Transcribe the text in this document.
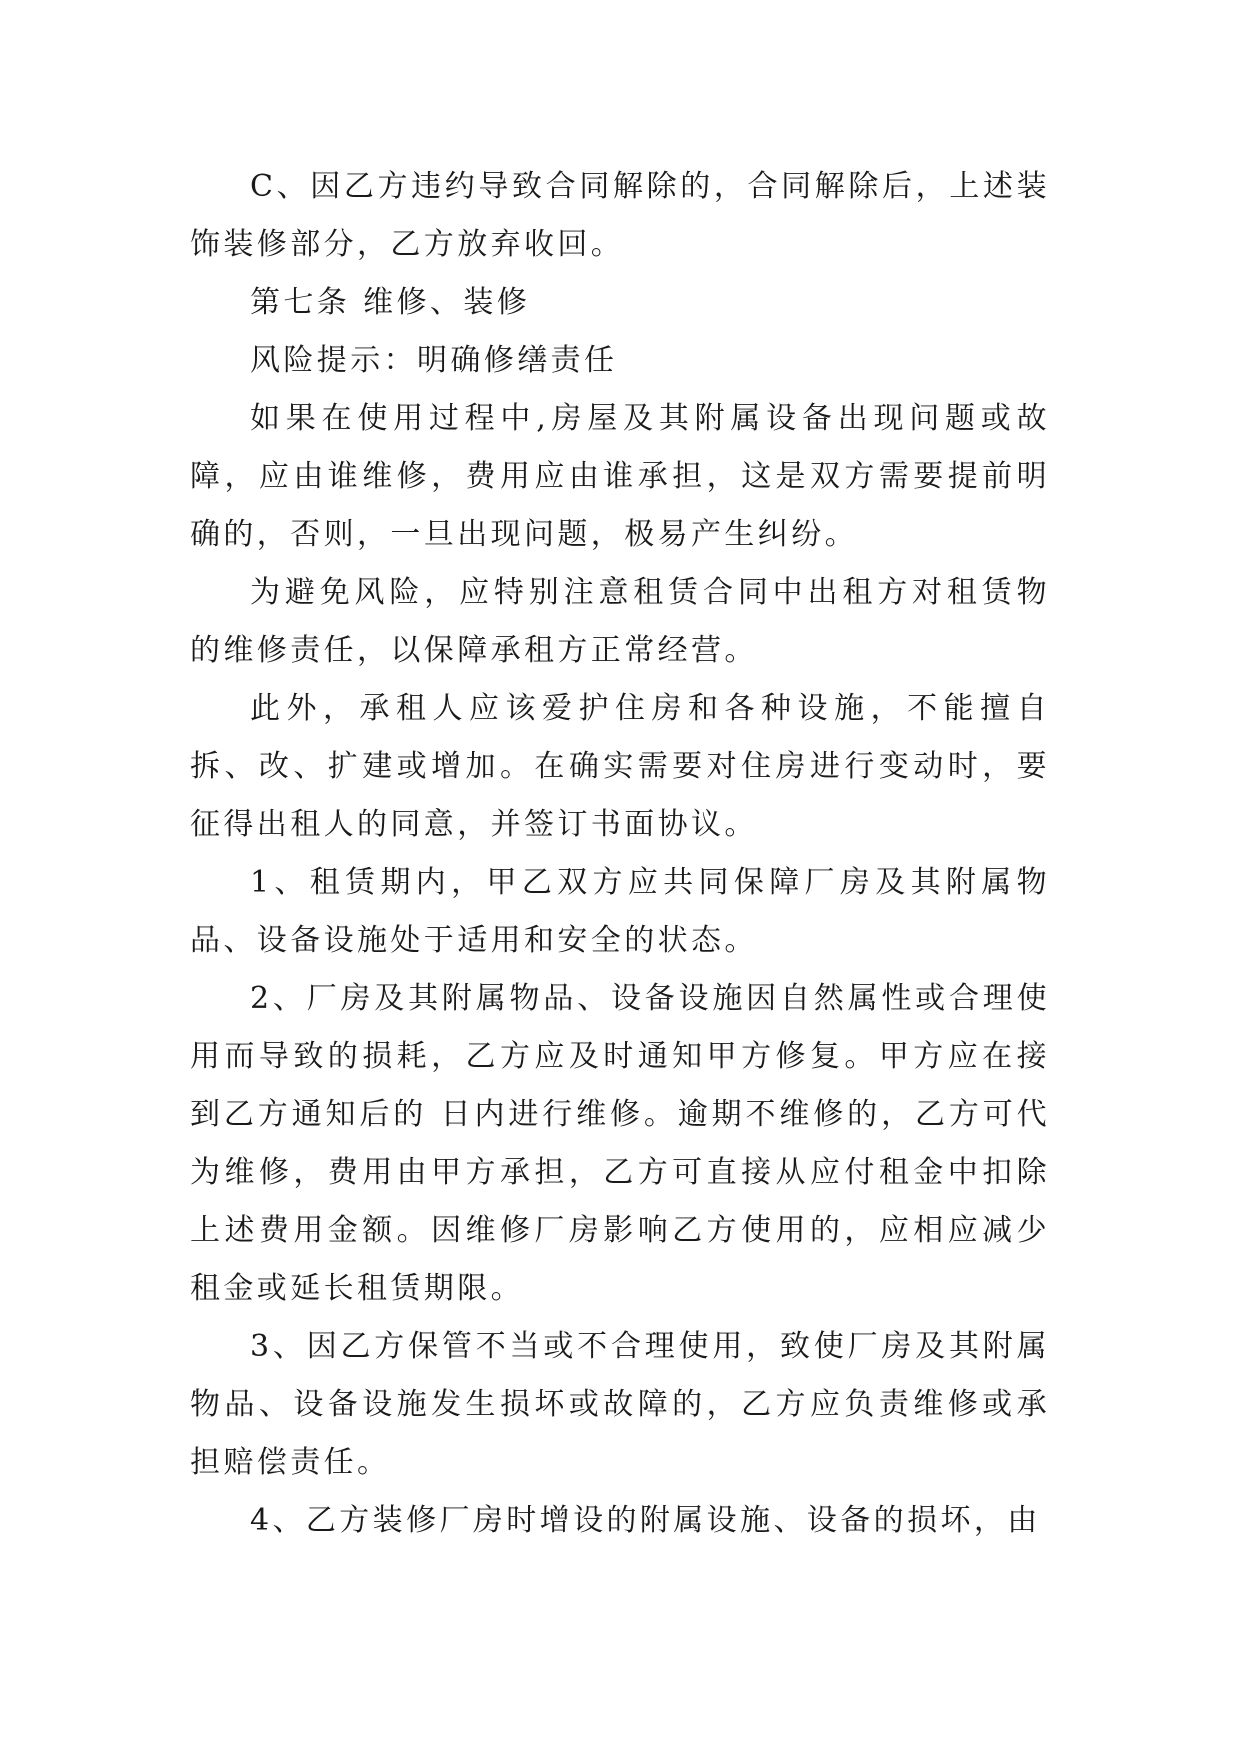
C、因乙方违约导致合同解除的，合同解除后，上述装饰装修部分，乙方放弃收回。

第七条 维修、装修

风险提示：明确修缮责任

如果在使用过程中,房屋及其附属设备出现问题或故障，应由谁维修，费用应由谁承担，这是双方需要提前明确的，否则，一旦出现问题，极易产生纠纷。

为避免风险，应特别注意租赁合同中出租方对租赁物的维修责任，以保障承租方正常经营。

此外，承租人应该爱护住房和各种设施，不能擅自拆、改、扩建或增加。在确实需要对住房进行变动时，要征得出租人的同意，并签订书面协议。

1、租赁期内，甲乙双方应共同保障厂房及其附属物品、设备设施处于适用和安全的状态。

2、厂房及其附属物品、设备设施因自然属性或合理使用而导致的损耗，乙方应及时通知甲方修复。甲方应在接到乙方通知后的 日内进行维修。逾期不维修的，乙方可代为维修，费用由甲方承担，乙方可直接从应付租金中扣除上述费用金额。因维修厂房影响乙方使用的，应相应减少租金或延长租赁期限。

3、因乙方保管不当或不合理使用，致使厂房及其附属物品、设备设施发生损坏或故障的，乙方应负责维修或承担赔偿责任。

4、乙方装修厂房时增设的附属设施、设备的损坏，由
